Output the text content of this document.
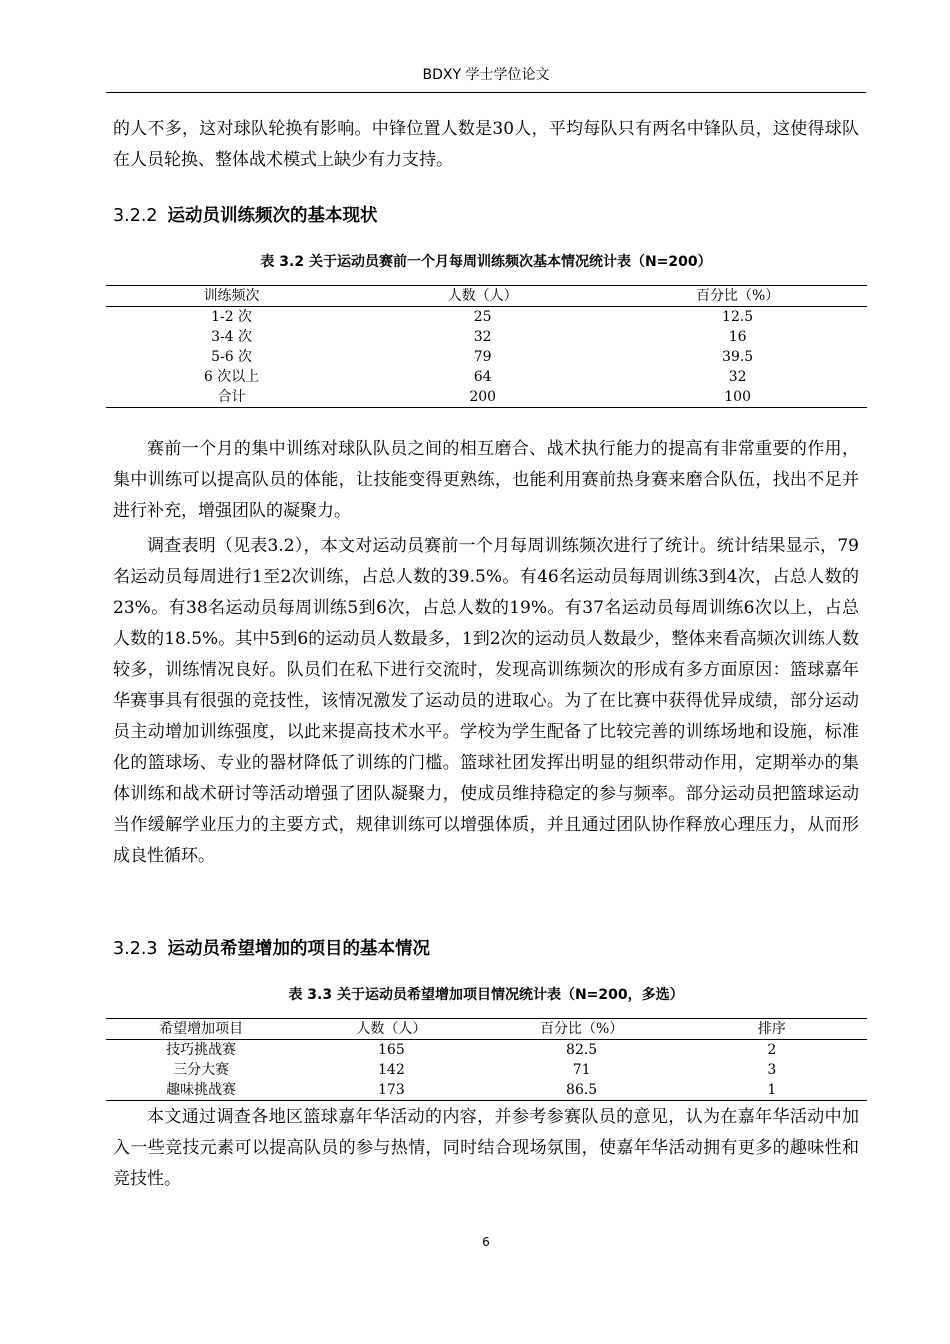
BDXY 学士学位论文

的人不多，这对球队轮换有影响。中锋位置人数是30人，平均每队只有两名中锋队员，这使得球队在人员轮换、整体战术模式上缺少有力支持。

3.2.2 运动员训练频次的基本现状
表 3.2 关于运动员赛前一个月每周训练频次基本情况统计表（N=200）
训练频次	人数（人）	百分比（%）
1-2 次	25	12.5
3-4 次	32	16
5-6 次	79	39.5
6 次以上	64	32
合计	200	100

赛前一个月的集中训练对球队队员之间的相互磨合、战术执行能力的提高有非常重要的作用，集中训练可以提高队员的体能，让技能变得更熟练，也能利用赛前热身赛来磨合队伍，找出不足并进行补充，增强团队的凝聚力。

调查表明（见表3.2），本文对运动员赛前一个月每周训练频次进行了统计。统计结果显示，79名运动员每周进行1至2次训练，占总人数的39.5%。有46名运动员每周训练3到4次，占总人数的23%。有38名运动员每周训练5到6次，占总人数的19%。有37名运动员每周训练6次以上，占总人数的18.5%。其中5到6的运动员人数最多，1到2次的运动员人数最少，整体来看高频次训练人数较多，训练情况良好。队员们在私下进行交流时，发现高训练频次的形成有多方面原因：篮球嘉年华赛事具有很强的竞技性，该情况激发了运动员的进取心。为了在比赛中获得优异成绩，部分运动员主动增加训练强度，以此来提高技术水平。学校为学生配备了比较完善的训练场地和设施，标准化的篮球场、专业的器材降低了训练的门槛。篮球社团发挥出明显的组织带动作用，定期举办的集体训练和战术研讨等活动增强了团队凝聚力，使成员维持稳定的参与频率。部分运动员把篮球运动当作缓解学业压力的主要方式，规律训练可以增强体质，并且通过团队协作释放心理压力，从而形成良性循环。

3.2.3 运动员希望增加的项目的基本情况
表 3.3 关于运动员希望增加项目情况统计表（N=200，多选）
希望增加项目	人数（人）	百分比（%）	排序
技巧挑战赛	165	82.5	2
三分大赛	142	71	3
趣味挑战赛	173	86.5	1

本文通过调查各地区篮球嘉年华活动的内容，并参考参赛队员的意见，认为在嘉年华活动中加入一些竞技元素可以提高队员的参与热情，同时结合现场氛围，使嘉年华活动拥有更多的趣味性和竞技性。

6
